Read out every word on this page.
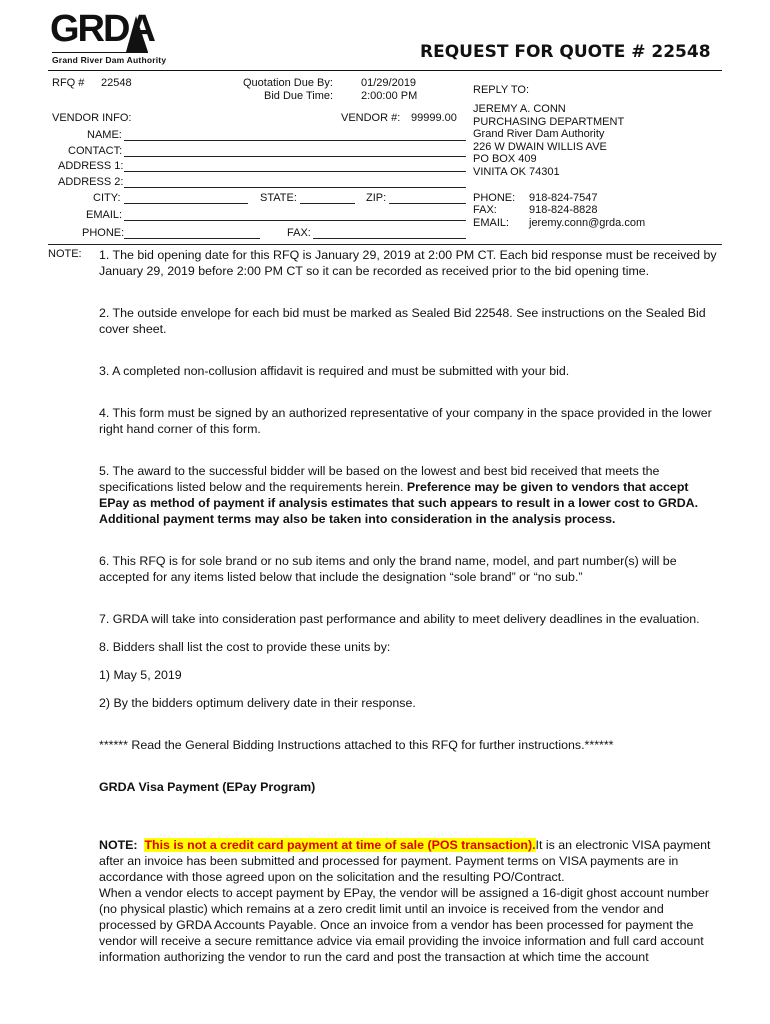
GRDA
Grand River Dam Authority	REQUEST FOR QUOTE # 22548
RFQ # 22548	Quotation Due By:	01/29/2019
Bid Due Time:	2:00:00 PM
VENDOR INFO:	VENDOR #: 99999.00
NAME:
CONTACT:
ADDRESS 1:
ADDRESS 2:
CITY:	STATE:	ZIP:
EMAIL:
PHONE:	FAX:
REPLY TO:
JEREMY A. CONN
PURCHASING DEPARTMENT
Grand River Dam Authority
226 W DWAIN WILLIS AVE
PO BOX 409
VINITA OK 74301
PHONE: 918-824-7547
FAX:	918-824-8828
EMAIL: jeremy.conn@grda.com
NOTE: 1. The bid opening date for this RFQ is January 29, 2019 at 2:00 PM CT. Each bid response must be received by January 29, 2019 before 2:00 PM CT so it can be recorded as received prior to the bid opening time.

2. The outside envelope for each bid must be marked as Sealed Bid 22548. See instructions on the Sealed Bid cover sheet.

3. A completed non-collusion affidavit is required and must be submitted with your bid.

4. This form must be signed by an authorized representative of your company in the space provided in the lower right hand corner of this form.

5. The award to the successful bidder will be based on the lowest and best bid received that meets the specifications listed below and the requirements herein. Preference may be given to vendors that accept EPay as method of payment if analysis estimates that such appears to result in a lower cost to GRDA. Additional payment terms may also be taken into consideration in the analysis process.

6. This RFQ is for sole brand or no sub items and only the brand name, model, and part number(s) will be accepted for any items listed below that include the designation “sole brand” or “no sub.”

7. GRDA will take into consideration past performance and ability to meet delivery deadlines in the evaluation.

8. Bidders shall list the cost to provide these units by:

1) May 5, 2019

2) By the bidders optimum delivery date in their response.

****** Read the General Bidding Instructions attached to this RFQ for further instructions.******

GRDA Visa Payment (EPay Program)

NOTE: This is not a credit card payment at time of sale (POS transaction).It is an electronic VISA payment after an invoice has been submitted and processed for payment. Payment terms on VISA payments are in accordance with those agreed upon on the solicitation and the resulting PO/Contract.

When a vendor elects to accept payment by EPay, the vendor will be assigned a 16-digit ghost account number (no physical plastic) which remains at a zero credit limit until an invoice is received from the vendor and processed by GRDA Accounts Payable. Once an invoice from a vendor has been processed for payment the vendor will receive a secure remittance advice via email providing the invoice information and full card account information authorizing the vendor to run the card and post the transaction at which time the account
